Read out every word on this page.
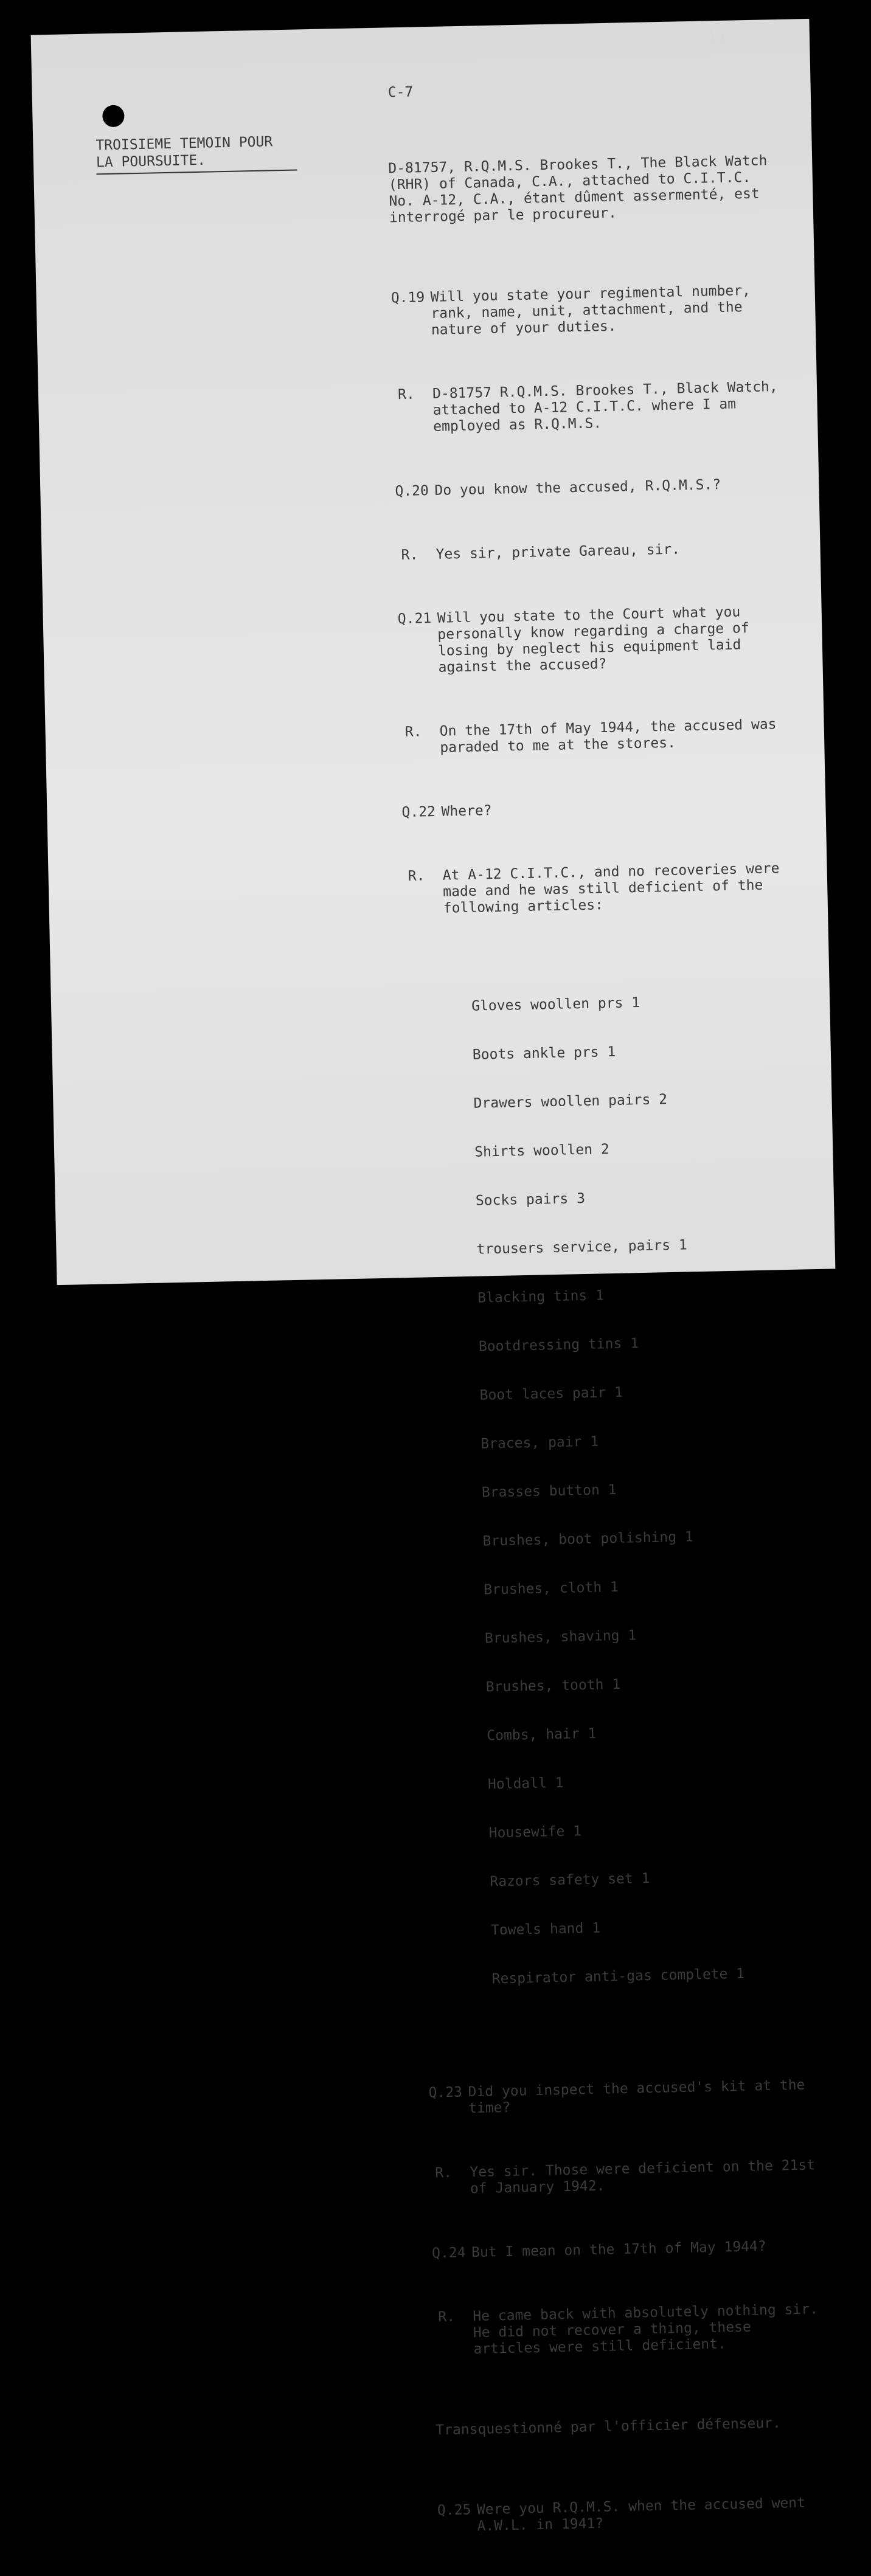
-11-
C-7
TROISIEME TEMOIN POUR
LA POURSUITE.

	D-81757, R.Q.M.S. Brookes T., The Black Watch (RHR) of Canada, C.A., attached to C.I.T.C. No. A-12, C.A., étant dûment assermenté, est interrogé par le procureur.

Q.19 Will you state your regimental number, rank, name, unit, attachment, and the nature of your duties.

R.	D-81757 R.Q.M.S. Brookes T., Black Watch, attached to A-12 C.I.T.C. where I am employed as R.Q.M.S.

Q.20 Do you know the accused, R.Q.M.S.?

R.	Yes sir, private Gareau, sir.

Q.21 Will you state to the Court what you personally know regarding a charge of losing by neglect his equipment laid against the accused?

R.	On the 17th of May 1944, the accused was paraded to me at the stores.

Q.22 Where?

R.	At A-12 C.I.T.C., and no recoveries were made and he was still deficient of the following articles:

Gloves woollen prs 1

Boots ankle prs 1

Drawers woollen pairs 2

Shirts woollen 2

Socks pairs 3

trousers service, pairs 1

Blacking tins 1

Bootdressing tins 1

Boot laces pair 1

Braces, pair 1

Brasses button 1

Brushes, boot polishing 1

Brushes, cloth 1

Brushes, shaving 1

Brushes, tooth 1

Combs, hair 1

Holdall 1

Housewife 1

Razors safety set 1

Towels hand 1

Respirator anti-gas complete 1

Q.23 Did you inspect the accused's kit at the time?

R.	Yes sir. Those were deficient on the 21st of January 1942.

Q.24 But I mean on the 17th of May 1944?

R.	He came back with absolutely nothing sir. He did not recover a thing, these articles were still deficient.

Transquestionné par l'officier défenseur.

Q.25 Were you R.Q.M.S. when the accused went A.W.L. in 1941?
